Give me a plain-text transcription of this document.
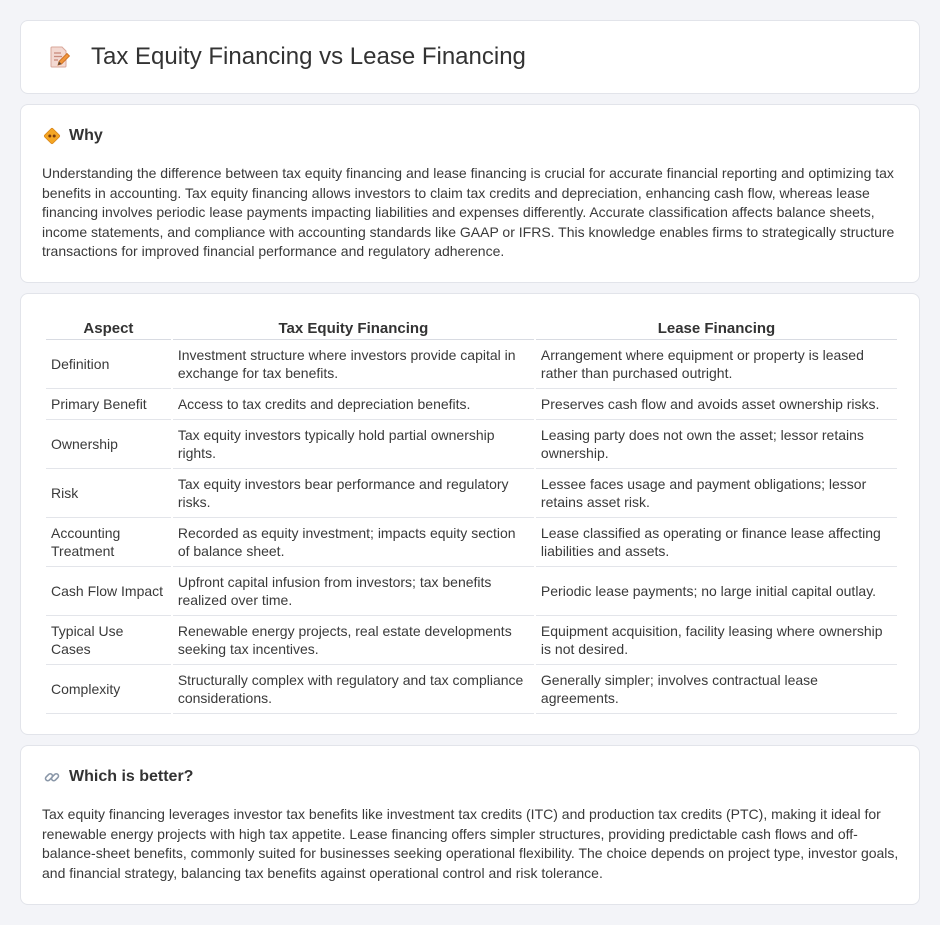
Tax Equity Financing vs Lease Financing
Why

Understanding the difference between tax equity financing and lease financing is crucial for accurate financial reporting and optimizing tax benefits in accounting. Tax equity financing allows investors to claim tax credits and depreciation, enhancing cash flow, whereas lease financing involves periodic lease payments impacting liabilities and expenses differently. Accurate classification affects balance sheets, income statements, and compliance with accounting standards like GAAP or IFRS. This knowledge enables firms to strategically structure transactions for improved financial performance and regulatory adherence.

Aspect	Tax Equity Financing	Lease Financing
Definition	Investment structure where investors provide capital in exchange for tax benefits.	Arrangement where equipment or property is leased rather than purchased outright.
Primary Benefit	Access to tax credits and depreciation benefits.	Preserves cash flow and avoids asset ownership risks.
Ownership	Tax equity investors typically hold partial ownership rights.	Leasing party does not own the asset; lessor retains ownership.
Risk	Tax equity investors bear performance and regulatory risks.	Lessee faces usage and payment obligations; lessor retains asset risk.
Accounting Treatment	Recorded as equity investment; impacts equity section of balance sheet.	Lease classified as operating or finance lease affecting liabilities and assets.
Cash Flow Impact	Upfront capital infusion from investors; tax benefits realized over time.	Periodic lease payments; no large initial capital outlay.
Typical Use Cases	Renewable energy projects, real estate developments seeking tax incentives.	Equipment acquisition, facility leasing where ownership is not desired.
Complexity	Structurally complex with regulatory and tax compliance considerations.	Generally simpler; involves contractual lease agreements.
Which is better?

Tax equity financing leverages investor tax benefits like investment tax credits (ITC) and production tax credits (PTC), making it ideal for renewable energy projects with high tax appetite. Lease financing offers simpler structures, providing predictable cash flows and off-balance-sheet benefits, commonly suited for businesses seeking operational flexibility. The choice depends on project type, investor goals, and financial strategy, balancing tax benefits against operational control and risk tolerance.
